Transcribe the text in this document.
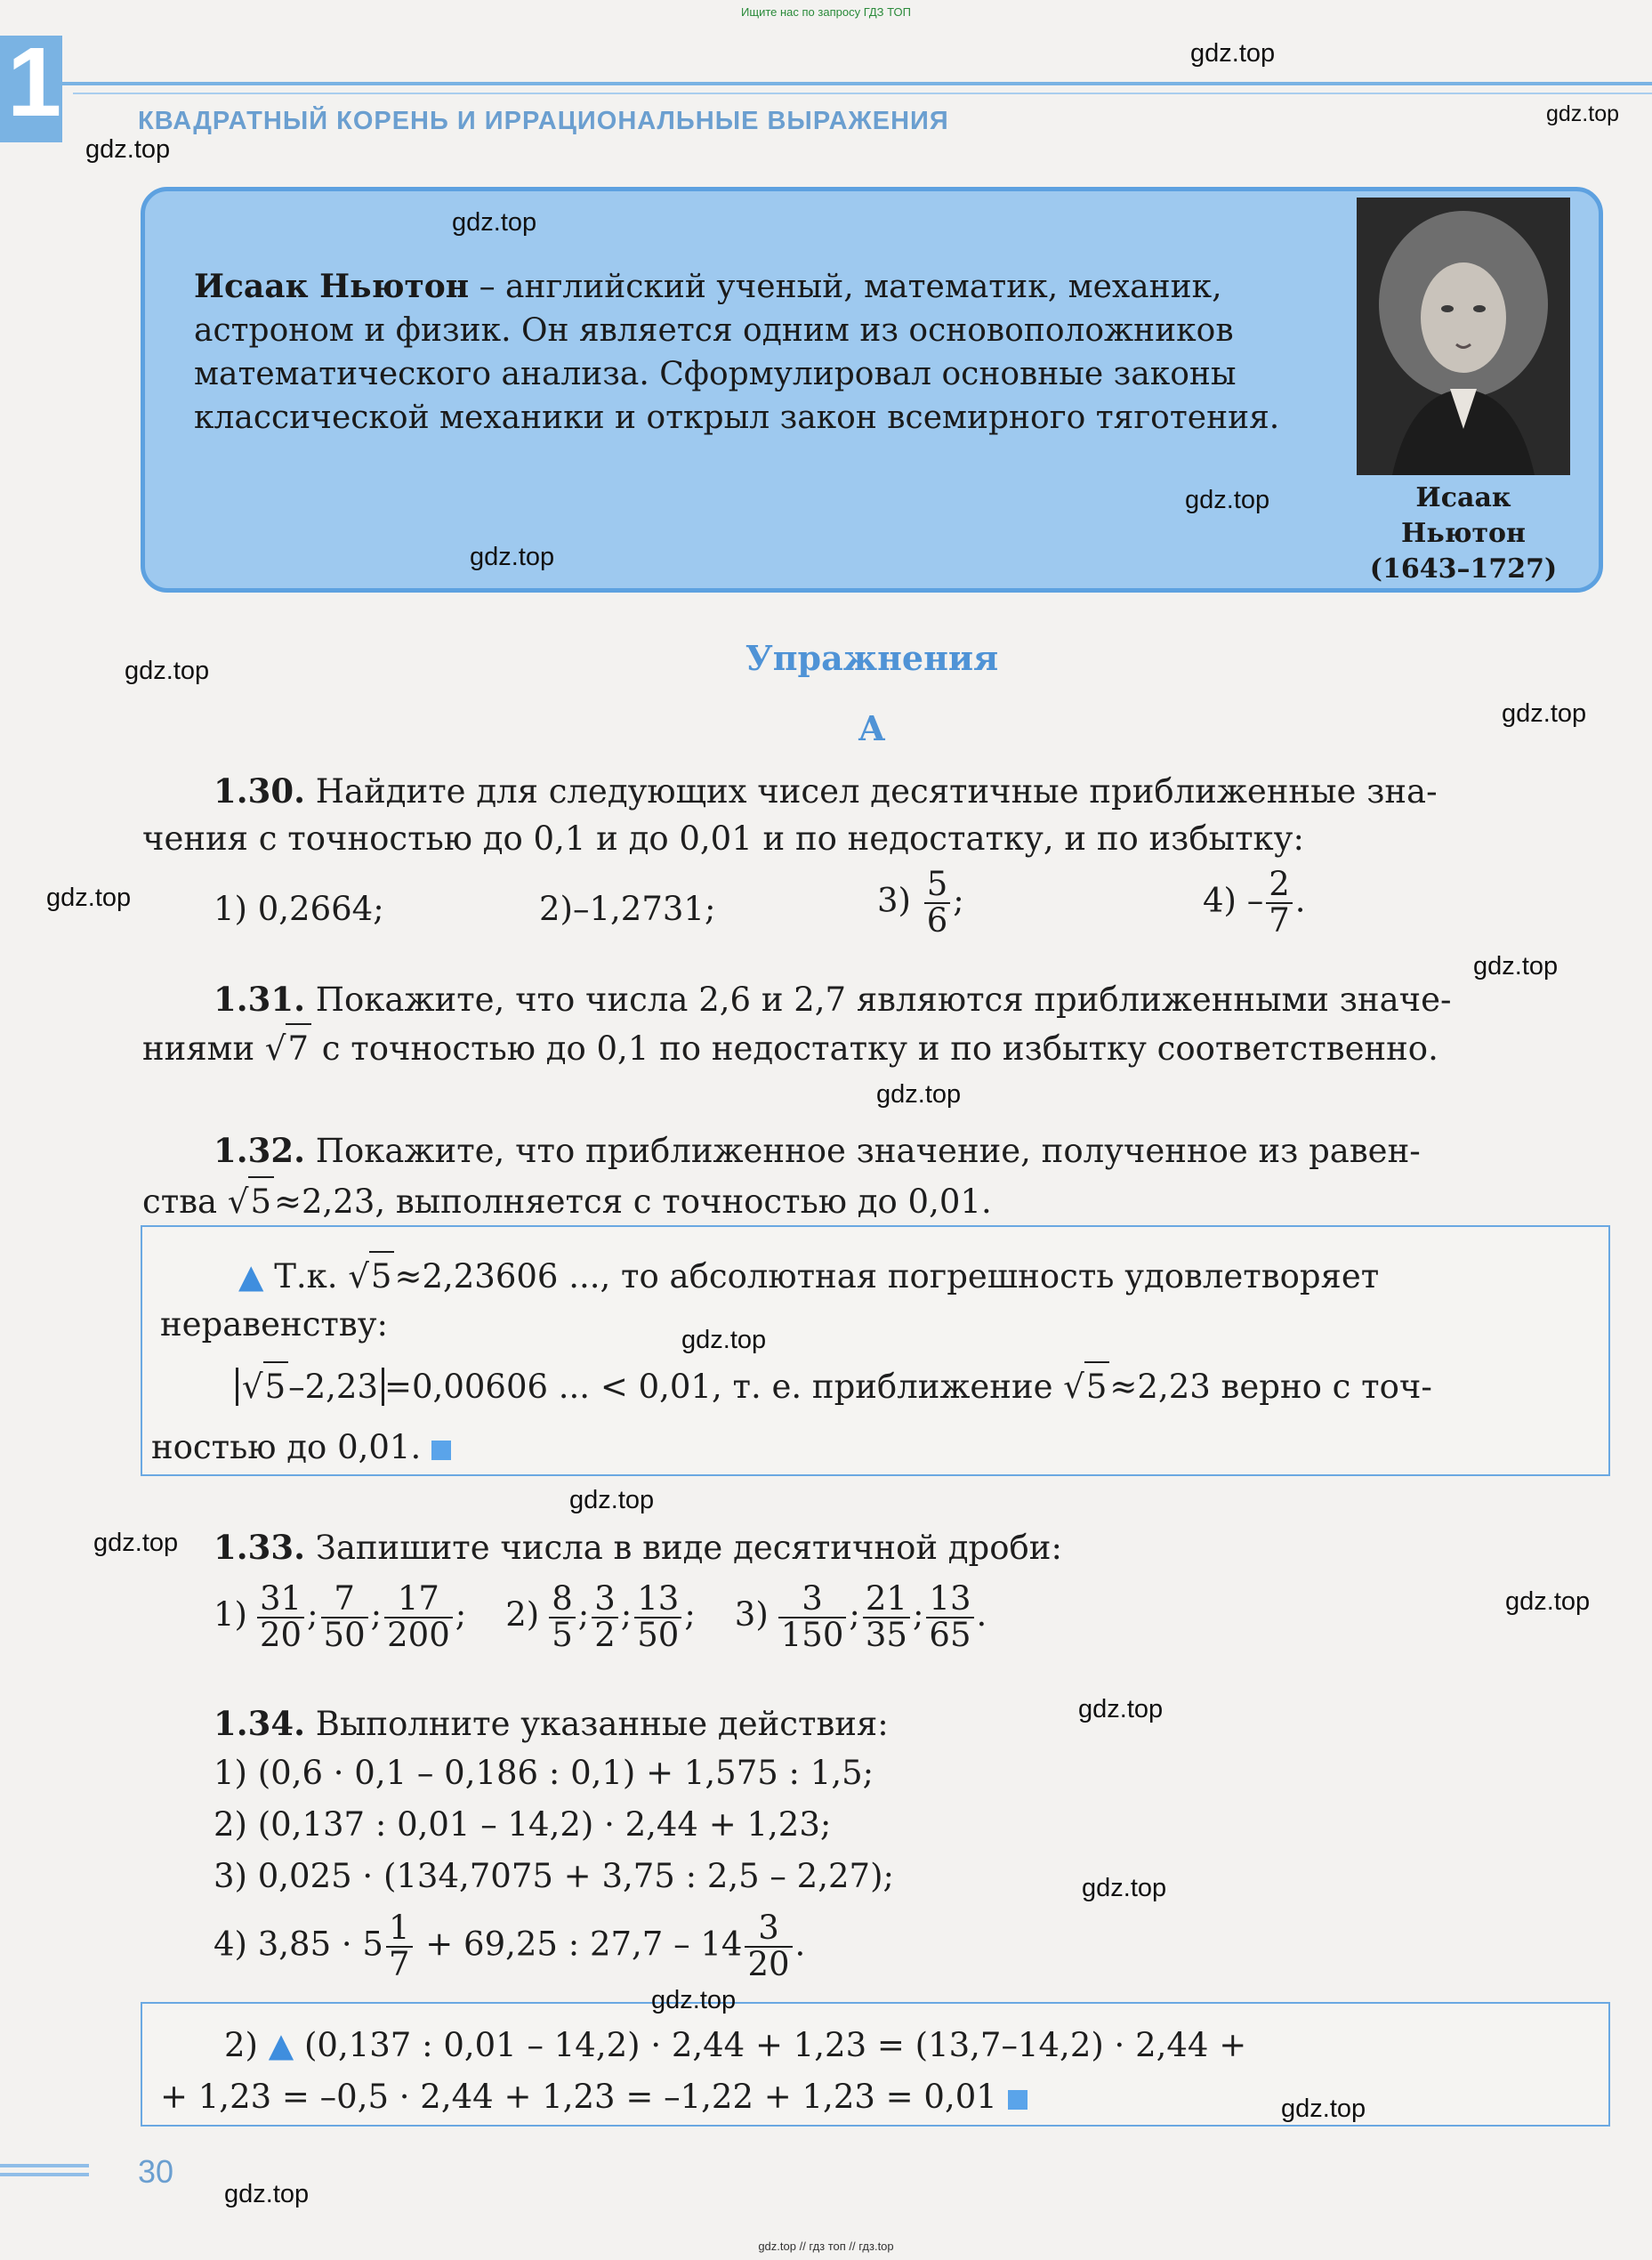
Ищите нас по запросу ГДЗ ТОП
1	КВАДРАТНЫЙ КОРЕНЬ И ИРРАЦИОНАЛЬНЫЕ ВЫРАЖЕНИЯ
Исаак Ньютон – английский ученый, математик, механик, астроном и физик. Он является одним из основоположников математического анализа. Сформулировал основные законы классической механики и открыл закон всемирного тяготения.
Исаак
Ньютон
(1643–1727)
Упражнения
А
1.30. Найдите для следующих чисел десятичные приближенные зна-
чения с точностью до 0,1 и до 0,01 и по недостатку, и по избытку:
1) 0,2664;	2)–1,2731;	$3) \frac{5}{6}$ ;	$4) - \frac{2}{7}$ .
1.31. Покажите, что числа 2,6 и 2,7 являются приближенными значе-
ниями √7 с точностью до 0,1 по недостатку и по избытку соответственно.
1.32. Покажите, что приближенное значение, полученное из равен-
ства √5≈2,23, выполняется с точностью до 0,01.
▲ Т.к. √5≈2,23606 ..., то абсолютная погрешность удовлетворяет
неравенству:
√5–2,23 =0,00606 ... < 0,01, т. е. приближение √5≈2,23 верно с точ-
ностью до 0,01.
1.33. Запишите числа в виде десятичной дроби:
$1) \frac{31}{20}$ ; $\frac{7}{50}$ ; $\frac{17}{200}$ ; $2) \frac{8}{5}$ ; $\frac{3}{2}$ ; $\frac{13}{50}$ ; $3) \frac{3}{150}$ ; $\frac{21}{35}$ ; $\frac{13}{65}$ .
1.34. Выполните указанные действия:
1) (0,6 · 0,1 – 0,186 : 0,1) + 1,575 : 1,5;
2) (0,137 : 0,01 – 14,2) · 2,44 + 1,23;
3) 0,025 · (134,7075 + 3,75 : 2,5 – 2,27);
4) $3,85 \cdot 5 \frac{1}{7} + 69,25$ : $27,7 - 14 \frac{3}{20}$ .
2) ▲ (0,137 : 0,01 – 14,2) · 2,44 + 1,23 = (13,7–14,2) · 2,44 +
+ 1,23 = –0,5 · 2,44 + 1,23 = –1,22 + 1,23 = 0,01
30
gdz.top // гдз топ // гдз.top
gdz.top
gdz.top
gdz.top
gdz.top
gdz.top
gdz.top
gdz.top
gdz.top
gdz.top
gdz.top
gdz.top
gdz.top
gdz.top
gdz.top
gdz.top
gdz.top
gdz.top
gdz.top
gdz.top
gdz.top
